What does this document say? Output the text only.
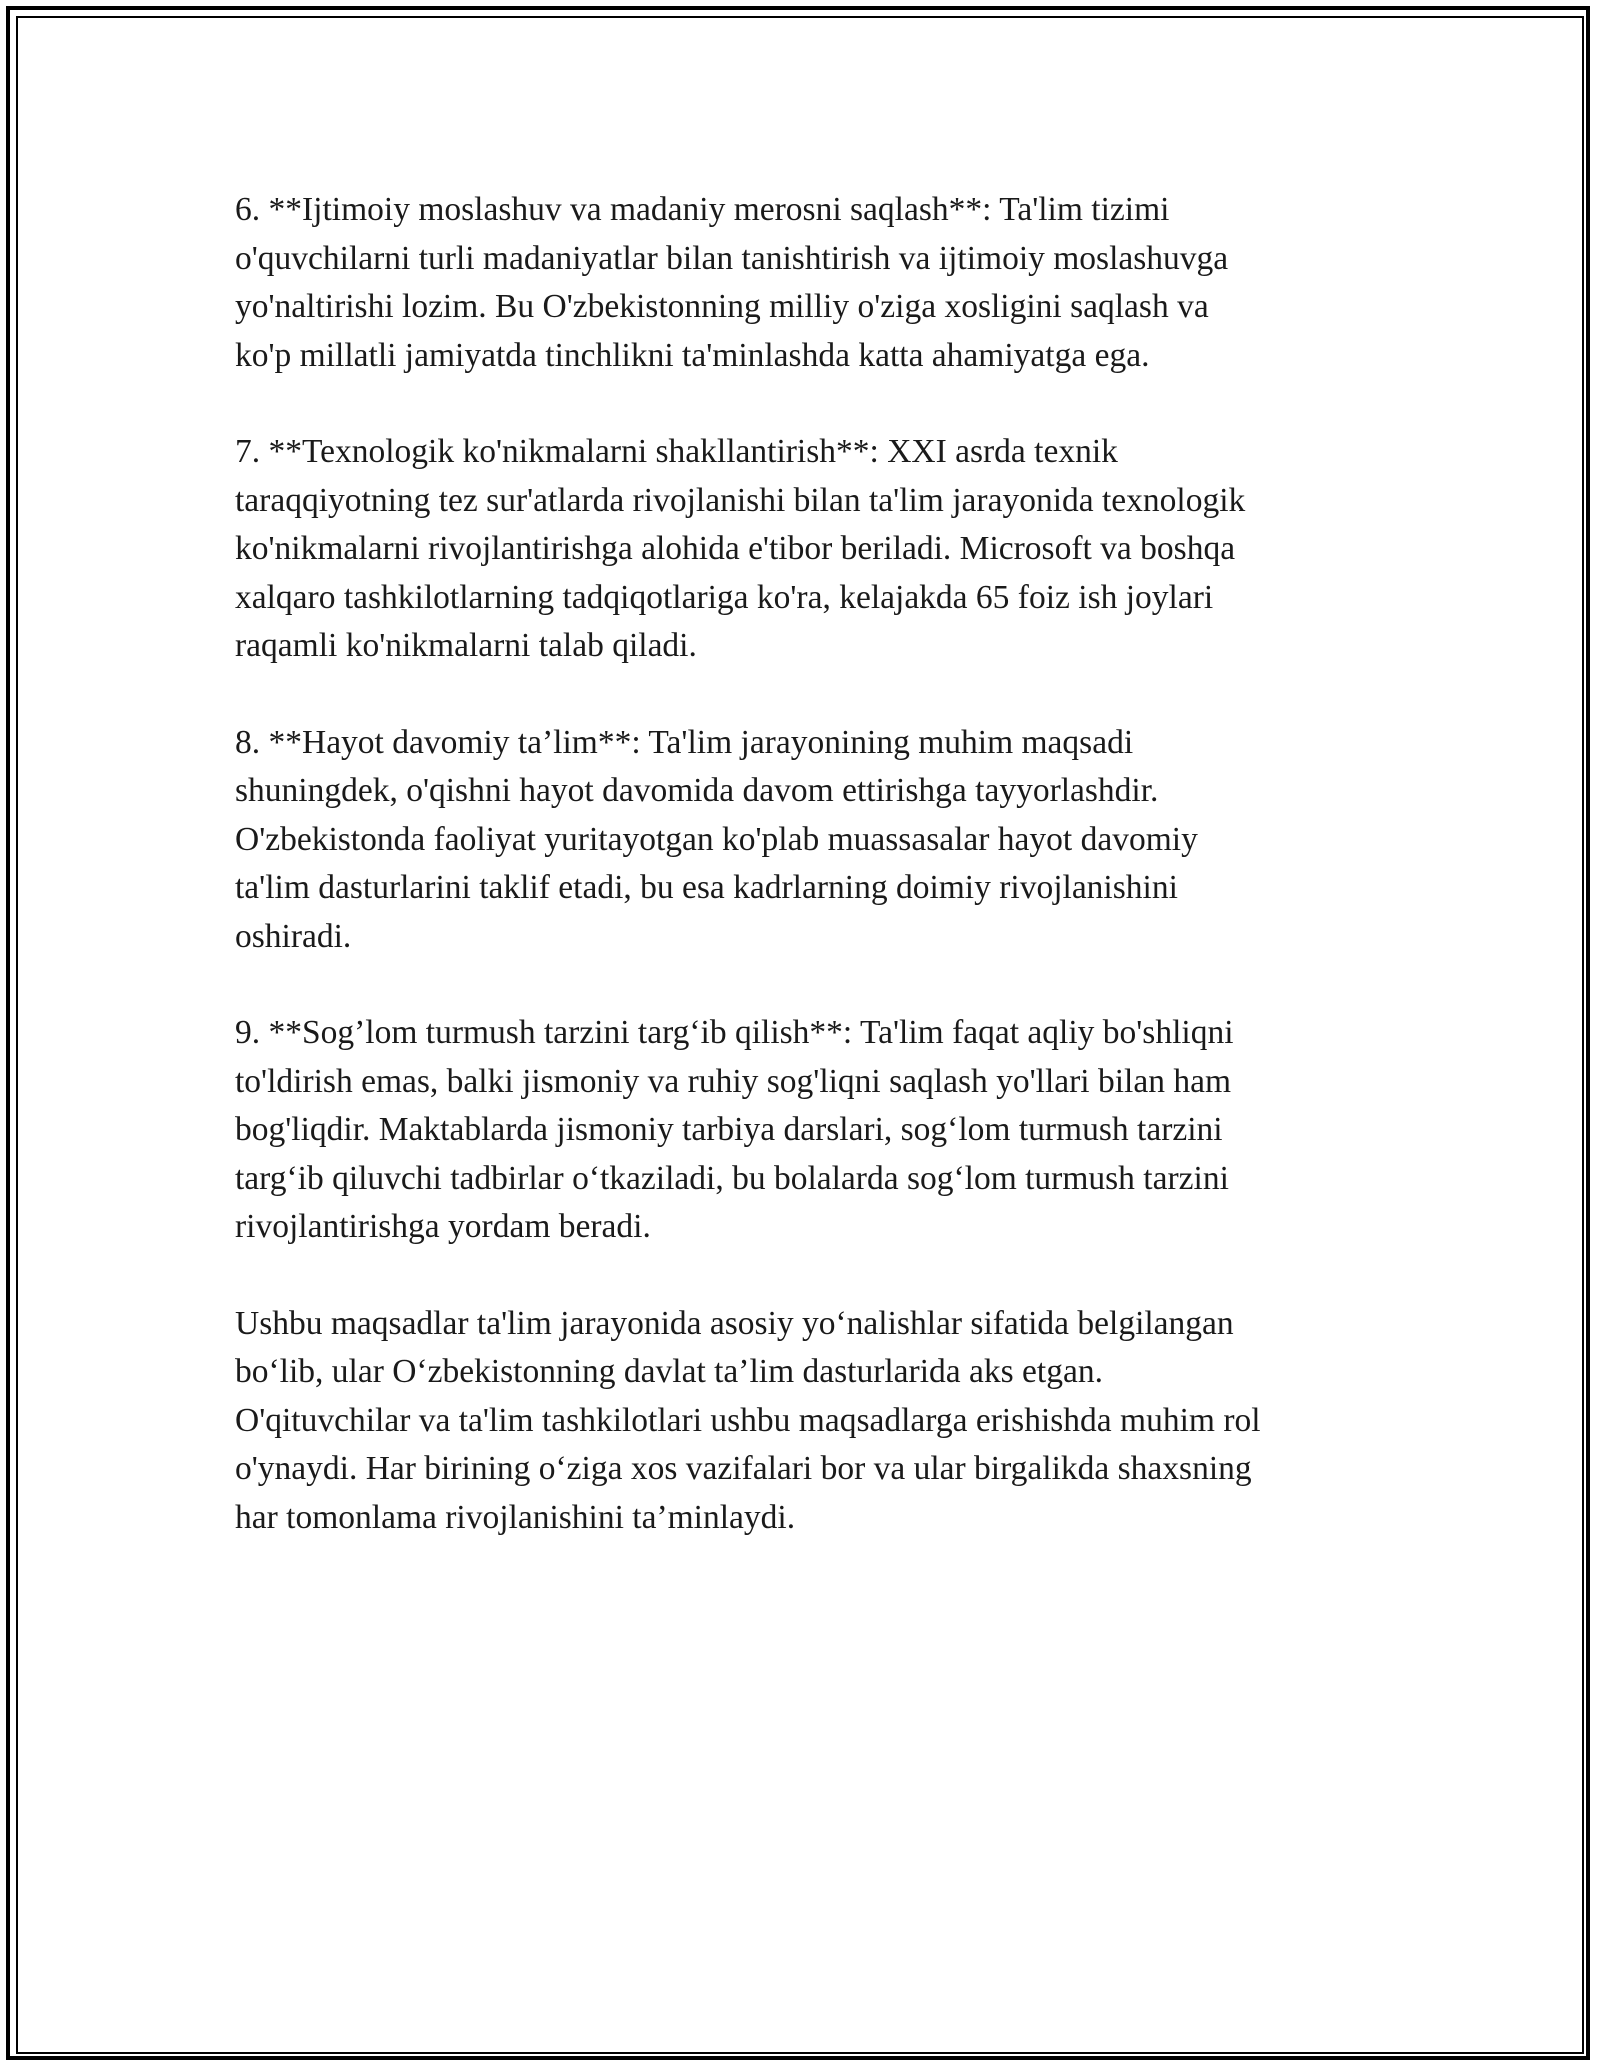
6. **Ijtimoiy moslashuv va madaniy merosni saqlash**: Ta'lim tizimi
o'quvchilarni turli madaniyatlar bilan tanishtirish va ijtimoiy moslashuvga
yo'naltirishi lozim. Bu O'zbekistonning milliy o'ziga xosligini saqlash va
ko'p millatli jamiyatda tinchlikni ta'minlashda katta ahamiyatga ega.

7. **Texnologik ko'nikmalarni shakllantirish**: XXI asrda texnik
taraqqiyotning tez sur'atlarda rivojlanishi bilan ta'lim jarayonida texnologik
ko'nikmalarni rivojlantirishga alohida e'tibor beriladi. Microsoft va boshqa
xalqaro tashkilotlarning tadqiqotlariga ko'ra, kelajakda 65 foiz ish joylari
raqamli ko'nikmalarni talab qiladi.

8. **Hayot davomiy ta’lim**: Ta'lim jarayonining muhim maqsadi
shuningdek, o'qishni hayot davomida davom ettirishga tayyorlashdir.
O'zbekistonda faoliyat yuritayotgan ko'plab muassasalar hayot davomiy
ta'lim dasturlarini taklif etadi, bu esa kadrlarning doimiy rivojlanishini
oshiradi.

9. **Sog’lom turmush tarzini targ‘ib qilish**: Ta'lim faqat aqliy bo'shliqni
to'ldirish emas, balki jismoniy va ruhiy sog'liqni saqlash yo'llari bilan ham
bog'liqdir. Maktablarda jismoniy tarbiya darslari, sog‘lom turmush tarzini
targ‘ib qiluvchi tadbirlar o‘tkaziladi, bu bolalarda sog‘lom turmush tarzini
rivojlantirishga yordam beradi.

Ushbu maqsadlar ta'lim jarayonida asosiy yo‘nalishlar sifatida belgilangan
bo‘lib, ular O‘zbekistonning davlat ta’lim dasturlarida aks etgan.
O'qituvchilar va ta'lim tashkilotlari ushbu maqsadlarga erishishda muhim rol
o'ynaydi. Har birining o‘ziga xos vazifalari bor va ular birgalikda shaxsning
har tomonlama rivojlanishini ta’minlaydi.
